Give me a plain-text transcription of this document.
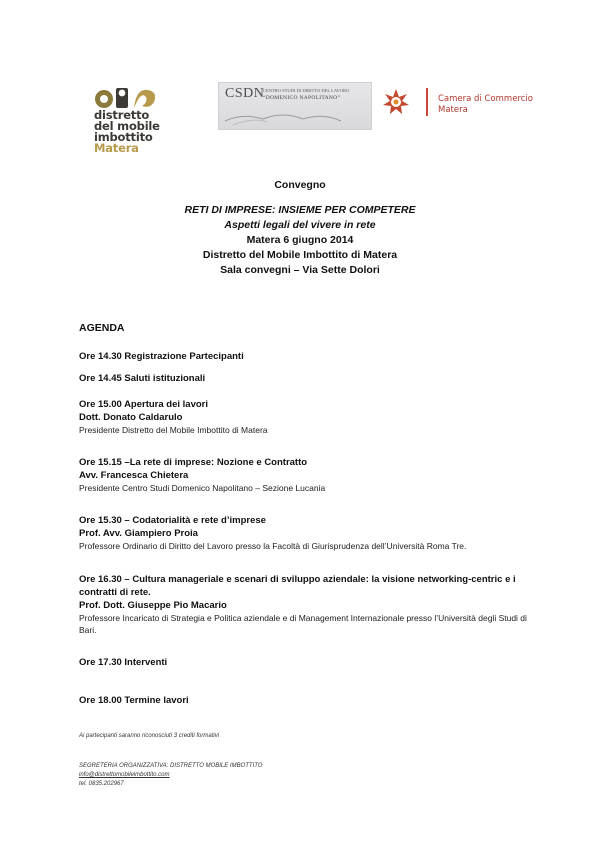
distretto
del mobile
imbottito
Matera
CSDN
CENTRO STUDI DI DIRITTO DEL LAVORO
“DOMENICO NAPOLITANO”	Camera di Commercio
Matera
Convegno
RETI DI IMPRESE: INSIEME PER COMPETERE
Aspetti legali del vivere in rete
Matera 6 giugno 2014
Distretto del Mobile Imbottito di Matera
Sala convegni – Via Sette Dolori
AGENDA
Ore 14.30 Registrazione Partecipanti
Ore 14.45 Saluti istituzionali
Ore 15.00 Apertura dei lavori
Dott. Donato Caldarulo
Presidente Distretto del Mobile Imbottito di Matera
Ore 15.15 –La rete di imprese: Nozione e Contratto
Avv. Francesca Chietera
Presidente Centro Studi Domenico Napolitano – Sezione Lucania
Ore 15.30 – Codatorialità e rete d’imprese
Prof. Avv. Giampiero Proia
Professore Ordinario di Diritto del Lavoro presso la Facoltà di Giurisprudenza dell’Università Roma Tre.
Ore 16.30 – Cultura manageriale e scenari di sviluppo aziendale: la visione networking-centric e i contratti di rete.
Prof. Dott. Giuseppe Pio Macario
Professore Incaricato di Strategia e Politica aziendale e di Management Internazionale presso l’Università degli Studi di Bari.
Ore 17.30 Interventi
Ore 18.00 Termine lavori
Ai partecipanti saranno riconosciuti 3 crediti formativi
SEGRETERIA ORGANIZZATIVA: DISTRETTO MOBILE IMBOTTITO
info@distrettomobileimbottito.com
tel. 0835.202967
